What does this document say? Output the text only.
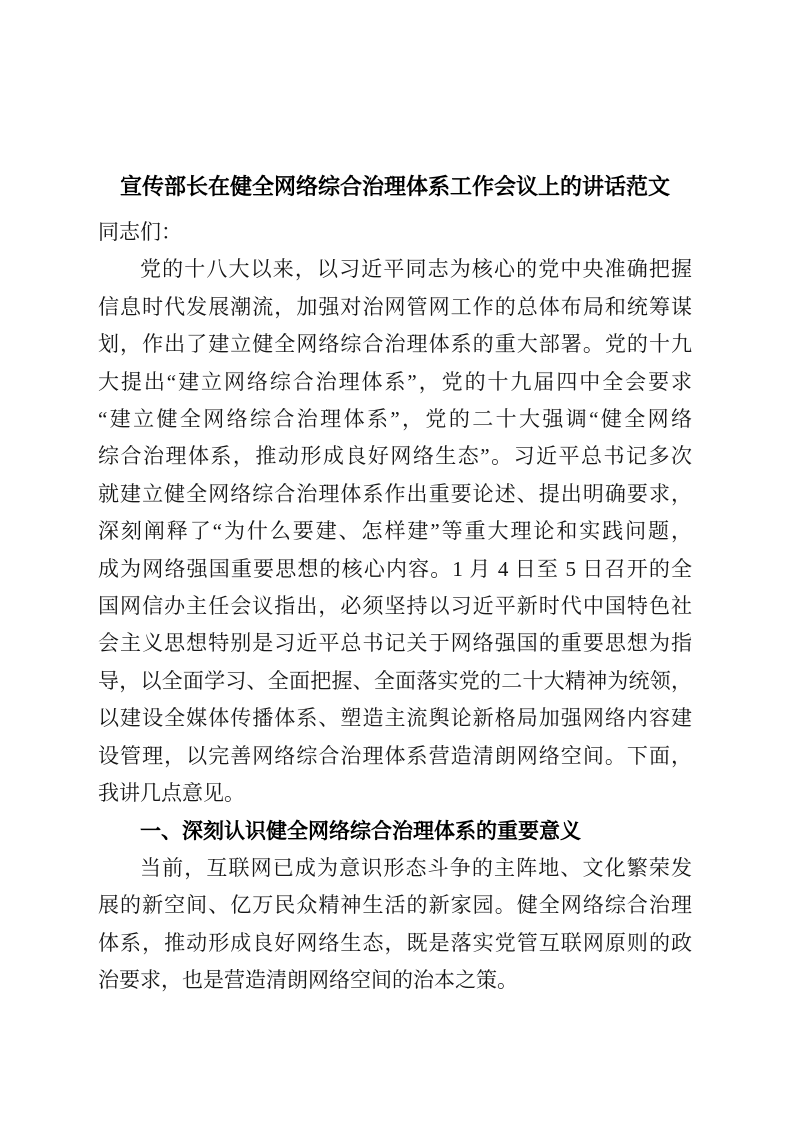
宣传部长在健全网络综合治理体系工作会议上的讲话范文
同志们：
党的十八大以来，以习近平同志为核心的党中央准确把握
信息时代发展潮流，加强对治网管网工作的总体布局和统筹谋
划，作出了建立健全网络综合治理体系的重大部署。党的十九
大提出“建立网络综合治理体系”，党的十九届四中全会要求
“建立健全网络综合治理体系”，党的二十大强调“健全网络
综合治理体系，推动形成良好网络生态”。习近平总书记多次
就建立健全网络综合治理体系作出重要论述、提出明确要求，
深刻阐释了“为什么要建、怎样建”等重大理论和实践问题，
成为网络强国重要思想的核心内容。1 月 4 日至 5 日召开的全
国网信办主任会议指出，必须坚持以习近平新时代中国特色社
会主义思想特别是习近平总书记关于网络强国的重要思想为指
导，以全面学习、全面把握、全面落实党的二十大精神为统领，
以建设全媒体传播体系、塑造主流舆论新格局加强网络内容建
设管理，以完善网络综合治理体系营造清朗网络空间。下面，
我讲几点意见。
一、深刻认识健全网络综合治理体系的重要意义
当前，互联网已成为意识形态斗争的主阵地、文化繁荣发
展的新空间、亿万民众精神生活的新家园。健全网络综合治理
体系，推动形成良好网络生态，既是落实党管互联网原则的政
治要求，也是营造清朗网络空间的治本之策。
